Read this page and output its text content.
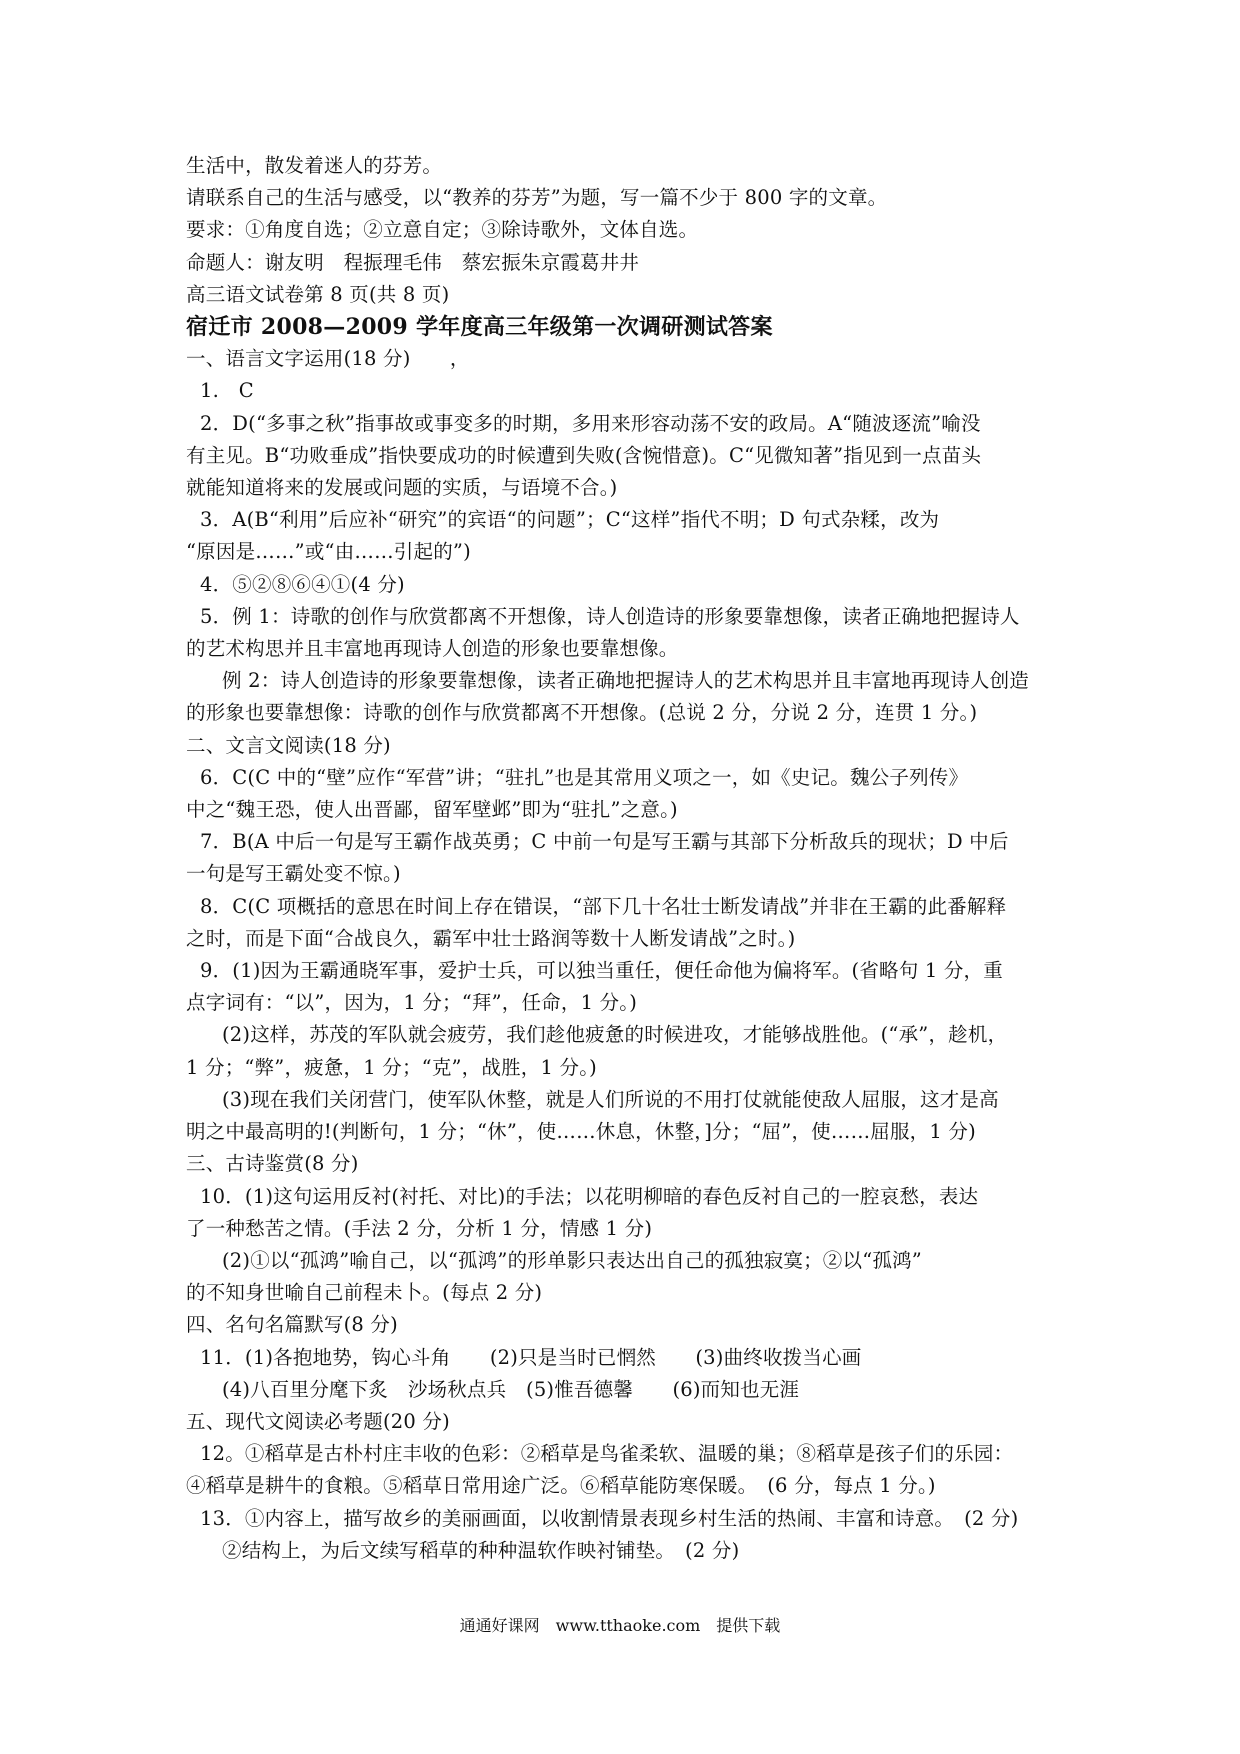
生活中，散发着迷人的芬芳。
请联系自己的生活与感受，以“教养的芬芳”为题，写一篇不少于 800 字的文章。
要求：①角度自选；②立意自定；③除诗歌外，文体自选。
命题人：谢友明　程振理毛伟　蔡宏振朱京霞葛井井
高三语文试卷第 8 页(共 8 页)
宿迁市 2008—2009 学年度高三年级第一次调研测试答案
一、语言文字运用(18 分)　　，
1.　C
2．D(“多事之秋”指事故或事变多的时期，多用来形容动荡不安的政局。A“随波逐流”喻没
有主见。B“功败垂成”指快要成功的时候遭到失败(含惋惜意)。C“见微知著”指见到一点苗头
就能知道将来的发展或问题的实质，与语境不合。)
3．A(B“利用”后应补“研究”的宾语“的问题”；C“这样”指代不明；D 句式杂糅，改为
“原因是……”或“由……引起的”)
4．⑤②⑧⑥④①(4 分)
5．例 1：诗歌的创作与欣赏都离不开想像，诗人创造诗的形象要靠想像，读者正确地把握诗人
的艺术构思并且丰富地再现诗人创造的形象也要靠想像。
例 2：诗人创造诗的形象要靠想像，读者正确地把握诗人的艺术构思并且丰富地再现诗人创造
的形象也要靠想像：诗歌的创作与欣赏都离不开想像。(总说 2 分，分说 2 分，连贯 1 分。)
二、文言文阅读(18 分)
6．C(C 中的“壁”应作“军营”讲；“驻扎”也是其常用义项之一，如《史记。魏公子列传》
中之“魏王恐，使人出晋鄙，留军壁邺”即为“驻扎”之意。)
7．B(A 中后一句是写王霸作战英勇；C 中前一句是写王霸与其部下分析敌兵的现状；D 中后
一句是写王霸处变不惊。)
8．C(C 项概括的意思在时间上存在错误，“部下几十名壮士断发请战”并非在王霸的此番解释
之时，而是下面“合战良久，霸军中壮士路润等数十人断发请战”之时。)
9．(1)因为王霸通晓军事，爱护士兵，可以独当重任，便任命他为偏将军。(省略句 1 分，重
点字词有：“以”，因为，1 分；“拜”，任命，1 分。)
(2)这样，苏茂的军队就会疲劳，我们趁他疲惫的时候进攻，才能够战胜他。(“承”，趁机，
1 分；“弊”，疲惫，1 分；“克”，战胜，1 分。)
(3)现在我们关闭营门，使军队休整，就是人们所说的不用打仗就能使敌人屈服，这才是高
明之中最高明的!(判断句，1 分；“休”，使……休息，休整，]分；“屈”，使……屈服，1 分)
三、古诗鉴赏(8 分)
10．(1)这句运用反衬(衬托、对比)的手法；以花明柳暗的春色反衬自己的一腔哀愁，表达
了一种愁苦之情。(手法 2 分，分析 1 分，情感 1 分)
(2)①以“孤鸿”喻自己，以“孤鸿”的形单影只表达出自己的孤独寂寞；②以“孤鸿”
的不知身世喻自己前程未卜。(每点 2 分)
四、名句名篇默写(8 分)
11．(1)各抱地势，钩心斗角　　(2)只是当时已惘然　　(3)曲终收拨当心画
(4)八百里分麾下炙　沙场秋点兵　(5)惟吾德馨　　(6)而知也无涯
五、现代文阅读必考题(20 分)
12。①稻草是古朴村庄丰收的色彩：②稻草是鸟雀柔软、温暖的巢；⑧稻草是孩子们的乐园：
④稻草是耕牛的食粮。⑤稻草日常用途广泛。⑥稻草能防寒保暖。　(6 分，每点 1 分。)
13．①内容上，描写故乡的美丽画面，以收割情景表现乡村生活的热闹、丰富和诗意。　(2 分)
②结构上，为后文续写稻草的种种温软作映衬铺垫。　(2 分)
通通好课网　www.tthaoke.com　提供下载
